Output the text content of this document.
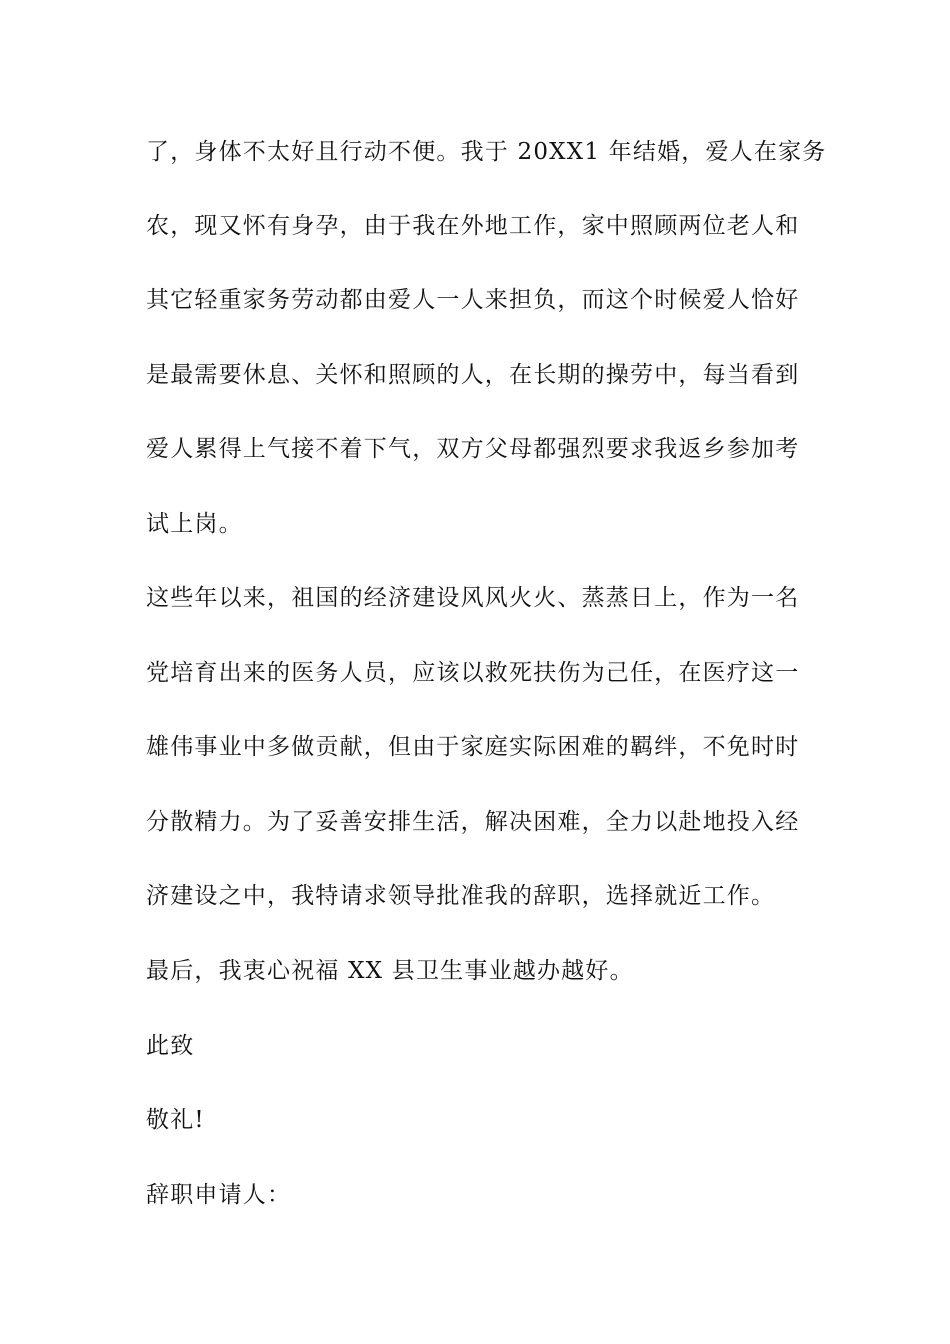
了，身体不太好且行动不便。我于 20XX1 年结婚，爱人在家务
农，现又怀有身孕，由于我在外地工作，家中照顾两位老人和
其它轻重家务劳动都由爱人一人来担负，而这个时候爱人恰好
是最需要休息、关怀和照顾的人，在长期的操劳中，每当看到
爱人累得上气接不着下气，双方父母都强烈要求我返乡参加考
试上岗。
这些年以来，祖国的经济建设风风火火、蒸蒸日上，作为一名
党培育出来的医务人员，应该以救死扶伤为己任，在医疗这一
雄伟事业中多做贡献，但由于家庭实际困难的羁绊，不免时时
分散精力。为了妥善安排生活，解决困难，全力以赴地投入经
济建设之中，我特请求领导批准我的辞职，选择就近工作。
最后，我衷心祝福 XX 县卫生事业越办越好。
此致
敬礼!
辞职申请人：
